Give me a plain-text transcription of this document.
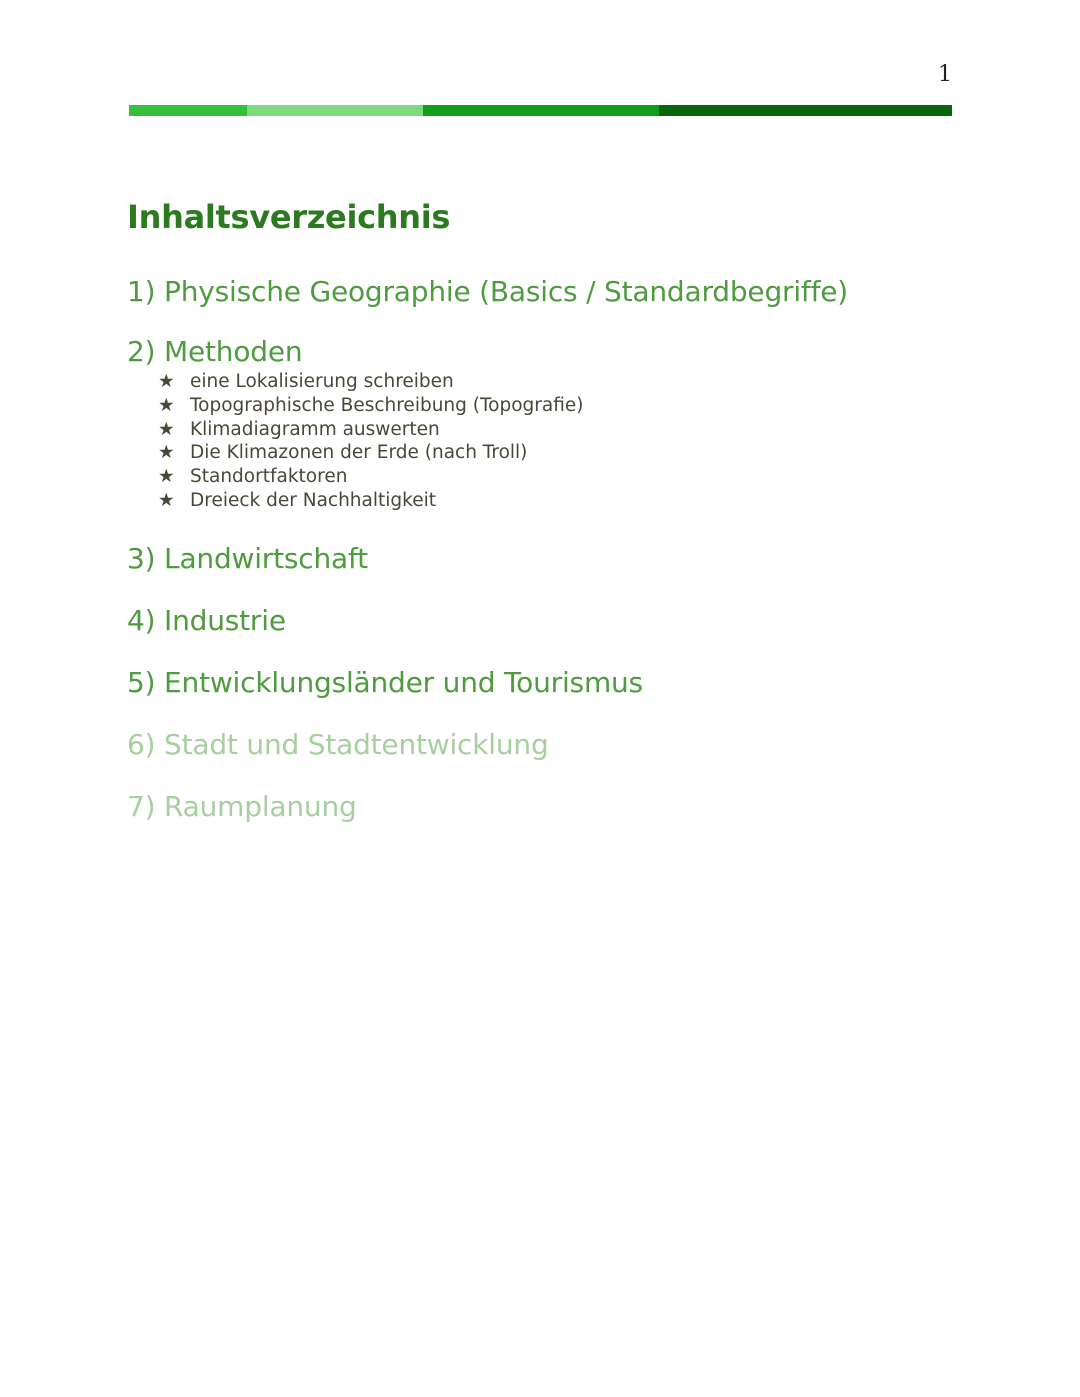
1
Inhaltsverzeichnis
1) Physische Geographie (Basics / Standardbegriffe)
2) Methoden
★ eine Lokalisierung schreiben
★ Topographische Beschreibung (Topografie)
★ Klimadiagramm auswerten
★ Die Klimazonen der Erde (nach Troll)
★ Standortfaktoren
★ Dreieck der Nachhaltigkeit
3) Landwirtschaft
4) Industrie
5) Entwicklungsländer und Tourismus
6) Stadt und Stadtentwicklung
7) Raumplanung
